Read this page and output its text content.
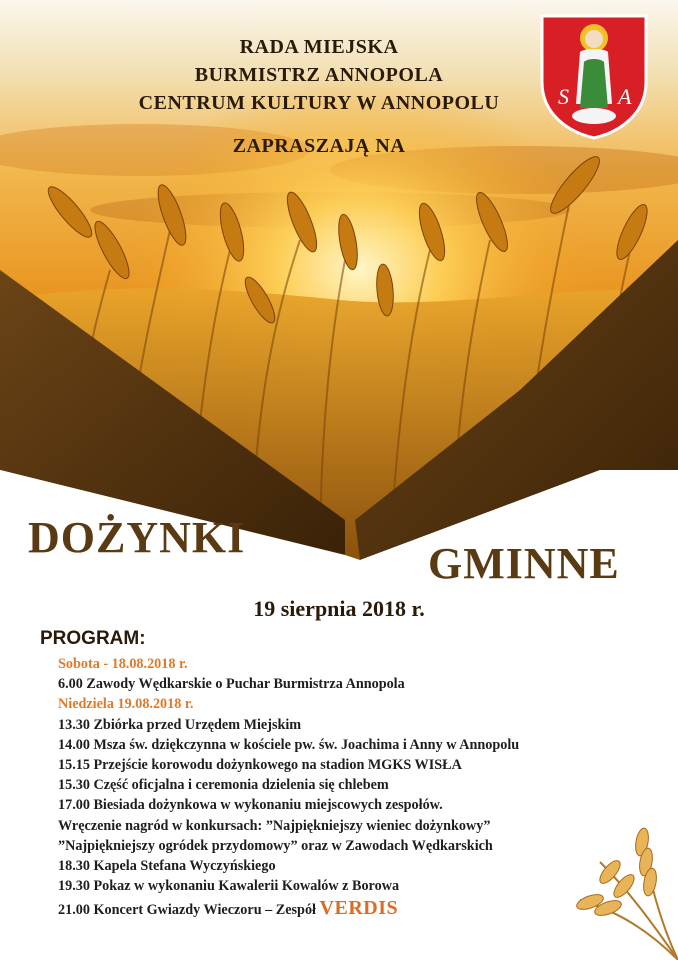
RADA MIEJSKA
BURMISTRZ ANNOPOLA
CENTRUM KULTURY W ANNOPOLU
ZAPRASZAJĄ NA
S A
DOŻYNKI
GMINNE
19 sierpnia 2018 r.
PROGRAM:
Sobota - 18.08.2018 r.
6.00 Zawody Wędkarskie o Puchar Burmistrza Annopola
Niedziela 19.08.2018 r.
13.30 Zbiórka przed Urzędem Miejskim
14.00 Msza św. dziękczynna w kościele pw. św. Joachima i Anny w Annopolu
15.15 Przejście korowodu dożynkowego na stadion MGKS WISŁA
15.30 Część oficjalna i ceremonia dzielenia się chlebem
17.00 Biesiada dożynkowa w wykonaniu miejscowych zespołów.
Wręczenie nagród w konkursach: ”Najpiękniejszy wieniec dożynkowy”
”Najpiękniejszy ogródek przydomowy” oraz w Zawodach Wędkarskich
18.30 Kapela Stefana Wyczyńskiego
19.30 Pokaz w wykonaniu Kawalerii Kowalów z Borowa
21.00 Koncert Gwiazdy Wieczoru – Zespół VERDIS
